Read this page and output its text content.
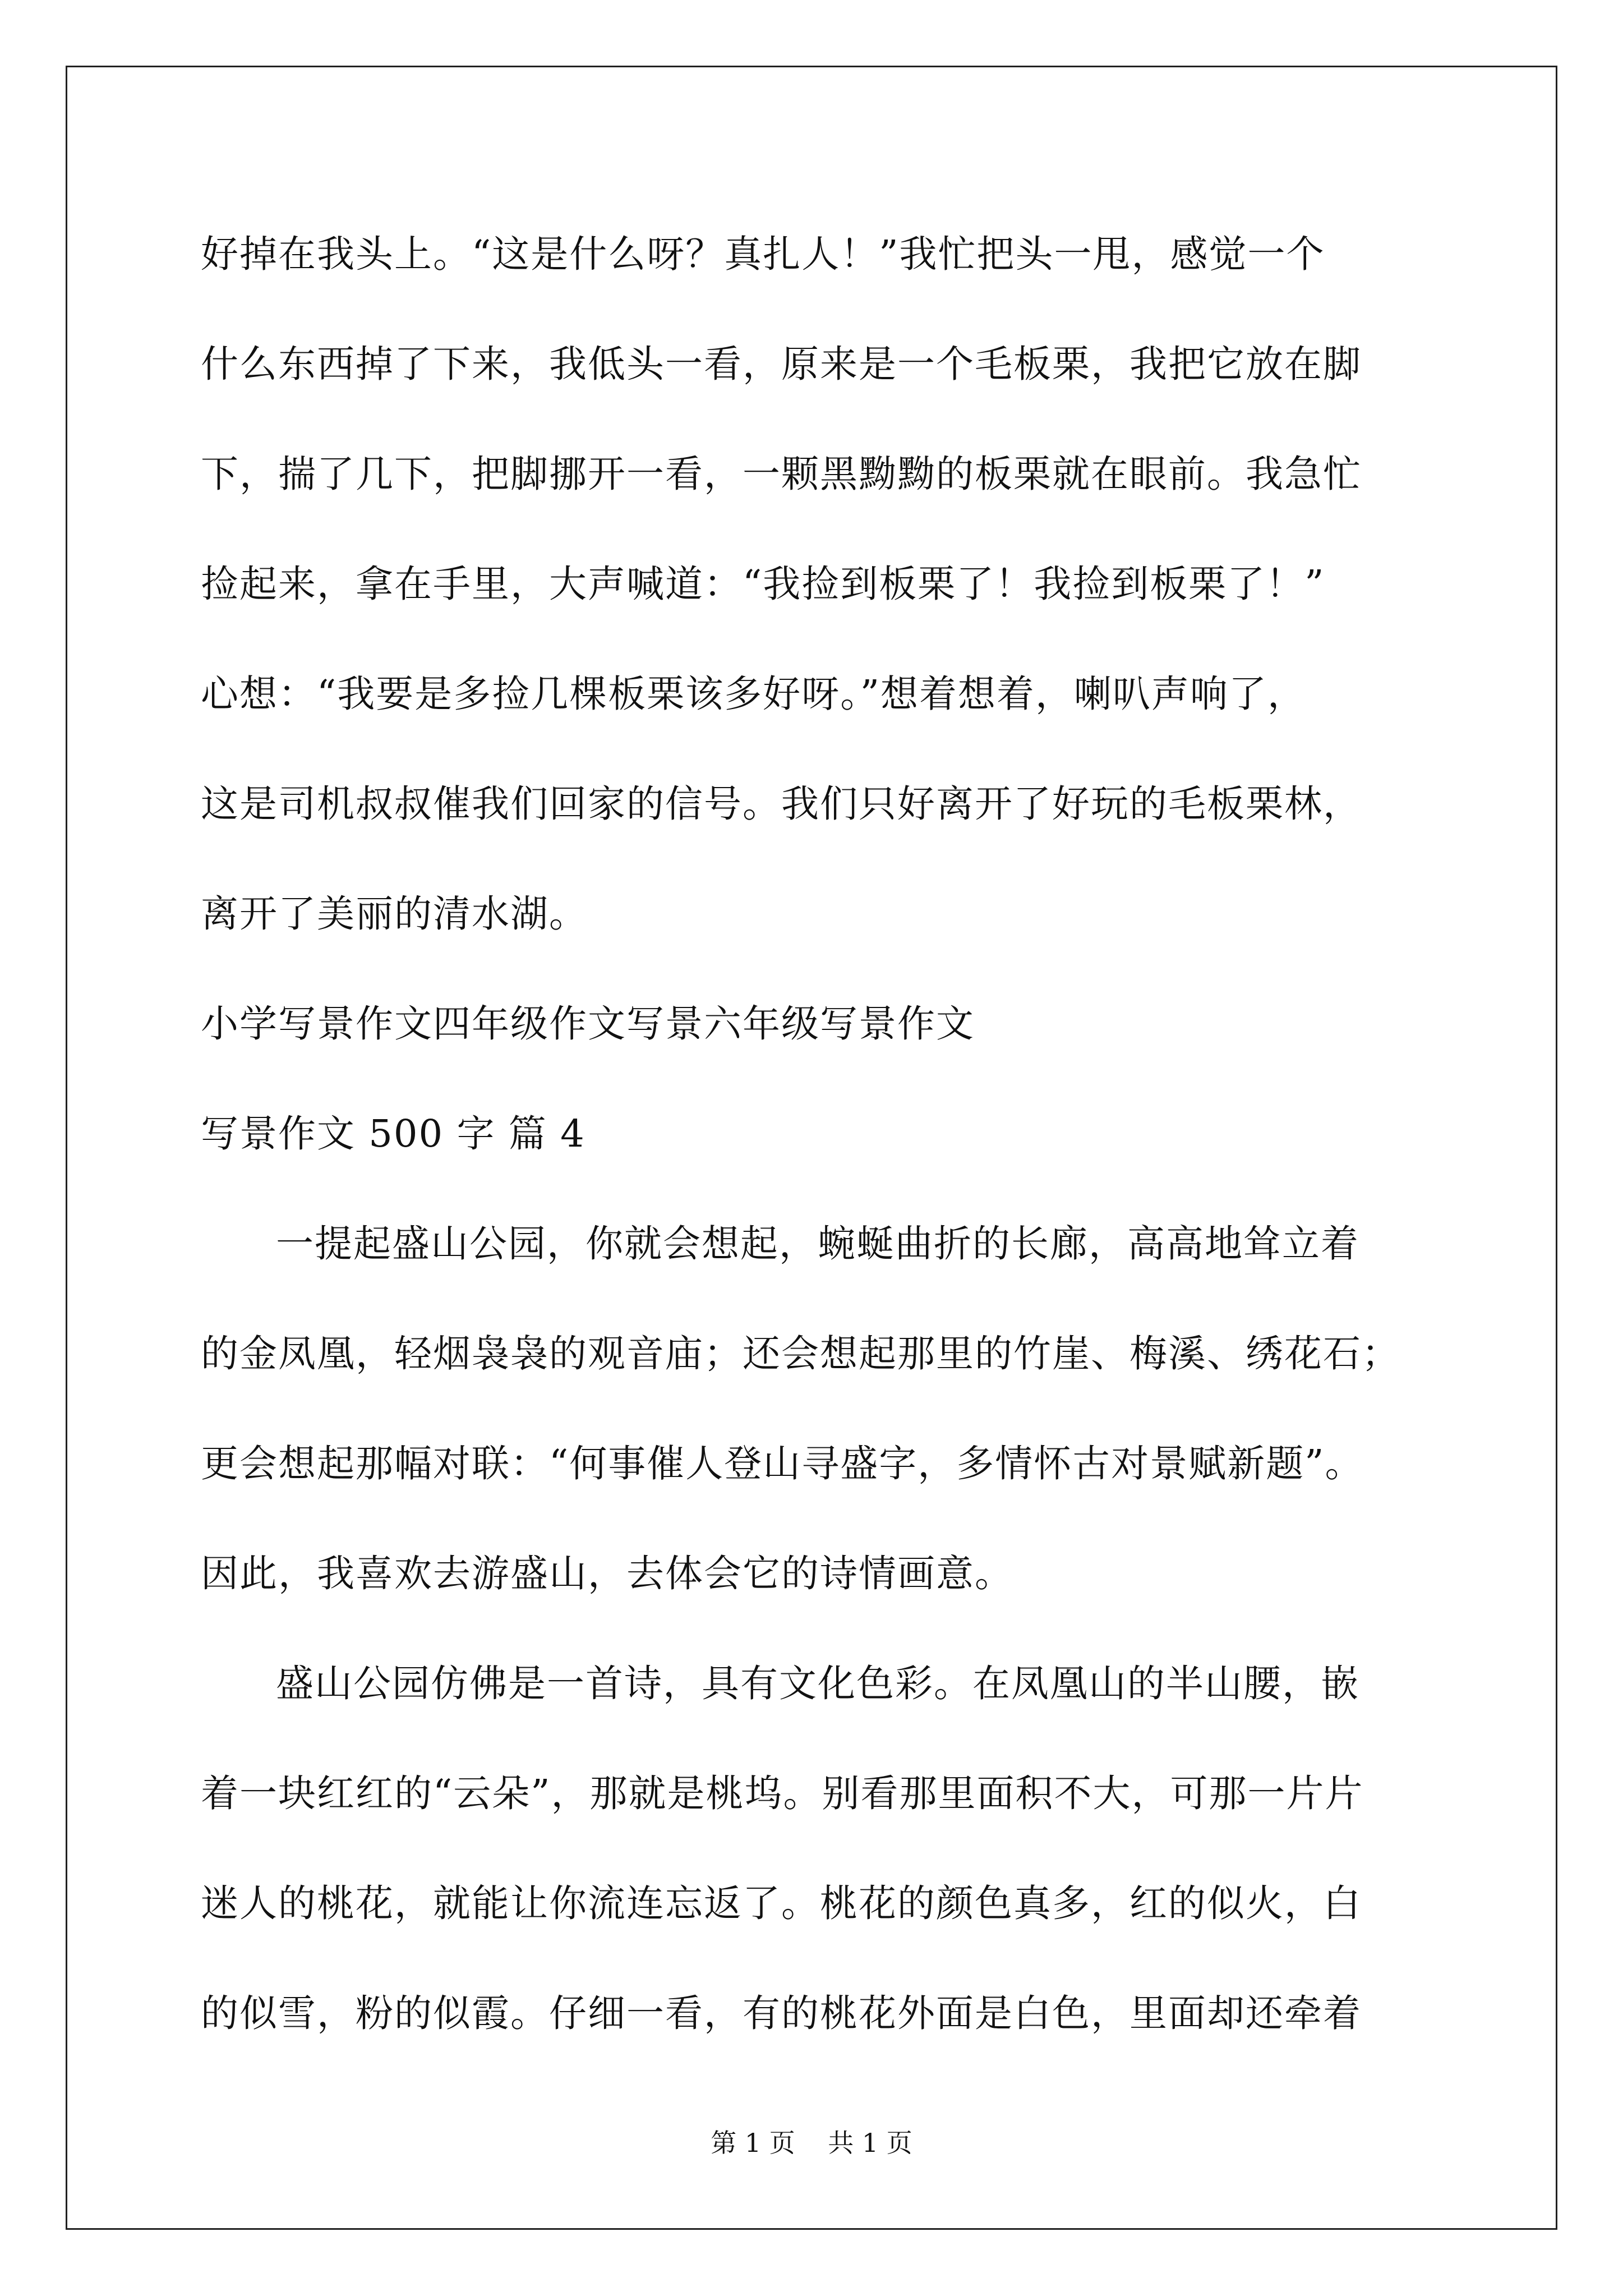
好掉在我头上。“这是什么呀？真扎人！”我忙把头一甩，感觉一个
什么东西掉了下来，我低头一看，原来是一个毛板栗，我把它放在脚
下，揣了几下，把脚挪开一看，一颗黑黝黝的板栗就在眼前。我急忙
捡起来，拿在手里，大声喊道：“我捡到板栗了！我捡到板栗了！”
心想：“我要是多捡几棵板栗该多好呀。”想着想着，喇叭声响了，
这是司机叔叔催我们回家的信号。我们只好离开了好玩的毛板栗林，
离开了美丽的清水湖。
小学写景作文四年级作文写景六年级写景作文
写景作文 500 字 篇 4
一提起盛山公园，你就会想起，蜿蜒曲折的长廊，高高地耸立着
的金凤凰，轻烟袅袅的观音庙；还会想起那里的竹崖、梅溪、绣花石；
更会想起那幅对联：“何事催人登山寻盛字，多情怀古对景赋新题”。
因此，我喜欢去游盛山，去体会它的诗情画意。
盛山公园仿佛是一首诗，具有文化色彩。在凤凰山的半山腰，嵌
着一块红红的“云朵”，那就是桃坞。别看那里面积不大，可那一片片
迷人的桃花，就能让你流连忘返了。桃花的颜色真多，红的似火，白
的似雪，粉的似霞。仔细一看，有的桃花外面是白色，里面却还牵着
第 1 页    共 1 页
